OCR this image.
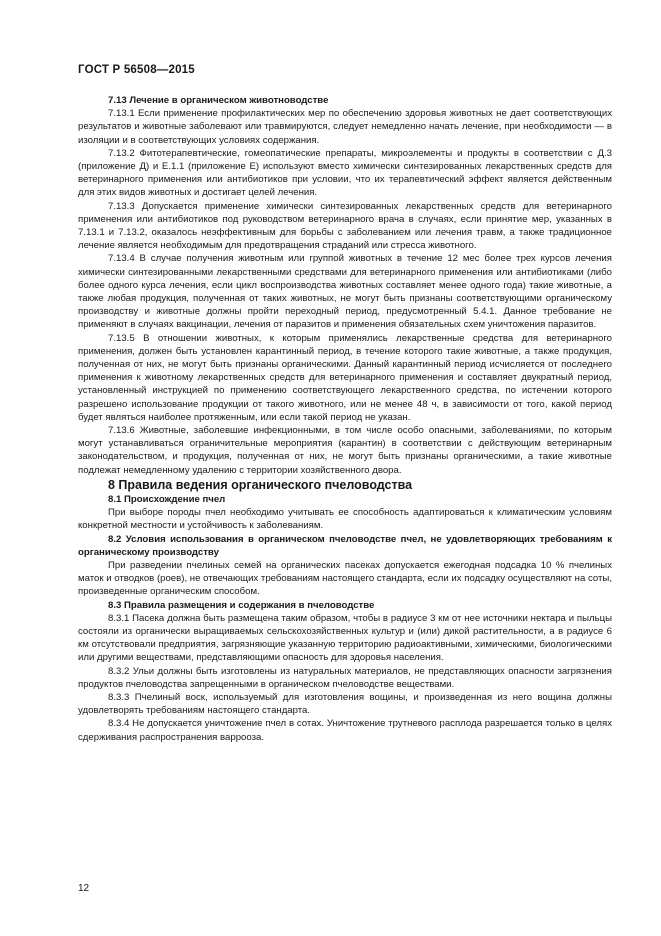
ГОСТ Р 56508—2015

7.13 Лечение в органическом животноводстве

7.13.1 Если применение профилактических мер по обеспечению здоровья животных не дает соответствующих результатов и животные заболевают или травмируются, следует немедленно начать лечение, при необходимости — в изоляции и в соответствующих условиях содержания.

7.13.2 Фитотерапевтические, гомеопатические препараты, микроэлементы и продукты в соответствии с Д.3 (приложение Д) и Е.1.1 (приложение Е) используют вместо химически синтезированных лекарственных средств для ветеринарного применения или антибиотиков при условии, что их терапевтический эффект является действенным для этих видов животных и достигает целей лечения.

7.13.3 Допускается применение химически синтезированных лекарственных средств для ветеринарного применения или антибиотиков под руководством ветеринарного врача в случаях, если принятие мер, указанных в 7.13.1 и 7.13.2, оказалось неэффективным для борьбы с заболеванием или лечения травм, а также традиционное лечение является необходимым для предотвращения страданий или стресса животного.

7.13.4 В случае получения животным или группой животных в течение 12 мес более трех курсов лечения химически синтезированными лекарственными средствами для ветеринарного применения или антибиотиками (либо более одного курса лечения, если цикл воспроизводства животных составляет менее одного года) такие животные, а также любая продукция, полученная от таких животных, не могут быть признаны соответствующими органическому производству и животные должны пройти переходный период, предусмотренный 5.4.1. Данное требование не применяют в случаях вакцинации, лечения от паразитов и применения обязательных схем уничтожения паразитов.

7.13.5 В отношении животных, к которым применялись лекарственные средства для ветеринарного применения, должен быть установлен карантинный период, в течение которого такие животные, а также продукция, полученная от них, не могут быть признаны органическими. Данный карантинный период исчисляется от последнего применения к животному лекарственных средств для ветеринарного применения и составляет двукратный период, установленный инструкцией по применению соответствующего лекарственного средства, по истечении которого разрешено использование продукции от такого животного, или не менее 48 ч, в зависимости от того, какой период будет являться наиболее протяженным, или если такой период не указан.

7.13.6 Животные, заболевшие инфекционными, в том числе особо опасными, заболеваниями, по которым могут устанавливаться ограничительные мероприятия (карантин) в соответствии с действующим ветеринарным законодательством, и продукция, полученная от них, не могут быть признаны органическими, а такие животные подлежат немедленному удалению с территории хозяйственного двора.

8 Правила ведения органического пчеловодства

8.1 Происхождение пчел

При выборе породы пчел необходимо учитывать ее способность адаптироваться к климатическим условиям конкретной местности и устойчивость к заболеваниям.

8.2 Условия использования в органическом пчеловодстве пчел, не удовлетворяющих требованиям к органическому производству

При разведении пчелиных семей на органических пасеках допускается ежегодная подсадка 10 % пчелиных маток и отводков (роев), не отвечающих требованиям настоящего стандарта, если их подсадку осуществляют на соты, произведенные органическим способом.

8.3 Правила размещения и содержания в пчеловодстве

8.3.1 Пасека должна быть размещена таким образом, чтобы в радиусе 3 км от нее источники нектара и пыльцы состояли из органически выращиваемых сельскохозяйственных культур и (или) дикой растительности, а в радиусе 6 км отсутствовали предприятия, загрязняющие указанную территорию радиоактивными, химическими, биологическими или другими веществами, представляющими опасность для здоровья населения.

8.3.2 Ульи должны быть изготовлены из натуральных материалов, не представляющих опасности загрязнения продуктов пчеловодства запрещенными в органическом пчеловодстве веществами.

8.3.3 Пчелиный воск, используемый для изготовления вощины, и произведенная из него вощина должны удовлетворять требованиям настоящего стандарта.

8.3.4 Не допускается уничтожение пчел в сотах. Уничтожение трутневого расплода разрешается только в целях сдерживания распространения варрооза.

12
